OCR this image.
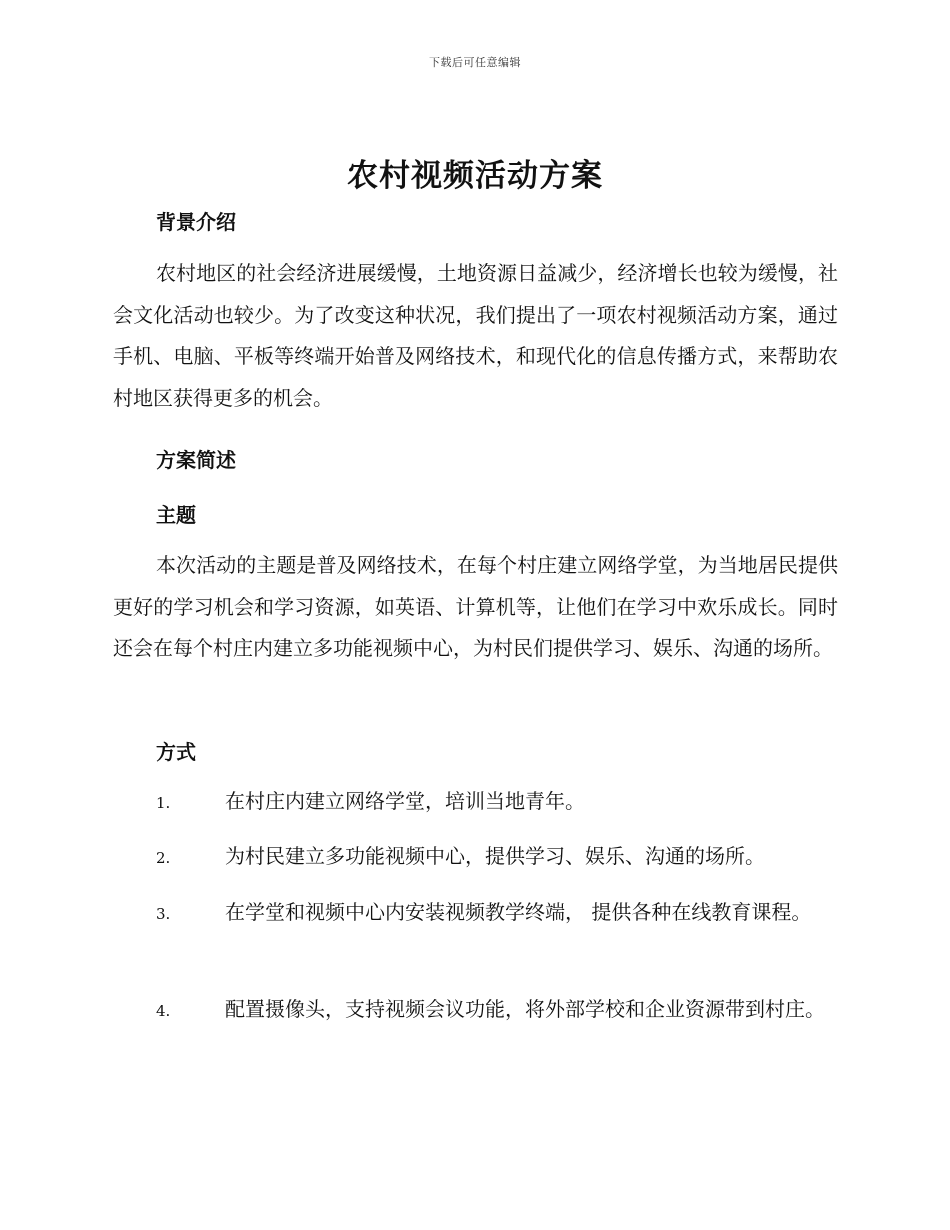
下载后可任意编辑
农村视频活动方案
背景介绍

农村地区的社会经济进展缓慢，土地资源日益减少，经济增长也较为缓慢，社会文化活动也较少。为了改变这种状况，我们提出了一项农村视频活动方案，通过手机、电脑、平板等终端开始普及网络技术，和现代化的信息传播方式，来帮助农村地区获得更多的机会。

方案简述
主题

本次活动的主题是普及网络技术，在每个村庄建立网络学堂，为当地居民提供更好的学习机会和学习资源，如英语、计算机等，让他们在学习中欢乐成长。同时还会在每个村庄内建立多功能视频中心，为村民们提供学习、娱乐、沟通的场所。

方式

1.	在村庄内建立网络学堂，培训当地青年。

2.	为村民建立多功能视频中心，提供学习、娱乐、沟通的场所。

3.	在学堂和视频中心内安装视频教学终端， 提供各种在线教育课程。

4.	配置摄像头，支持视频会议功能，将外部学校和企业资源带到村庄。
